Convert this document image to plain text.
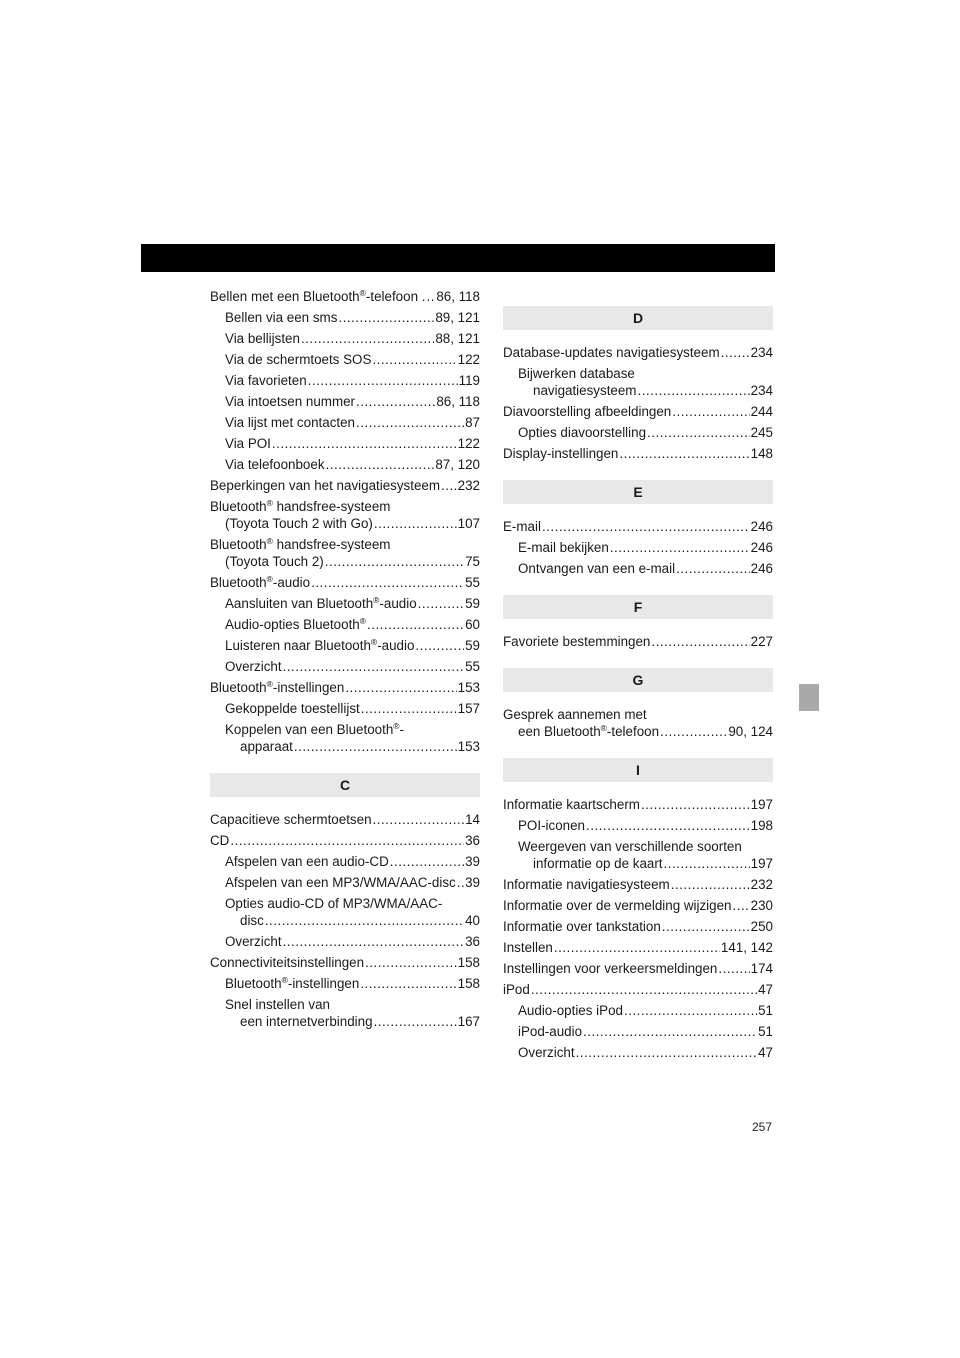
Bellen met een Bluetooth®-telefoon . ..... 86, 118
Bellen via een sms .....	89, 121
Via bellijsten .....	88, 121
Via de schermtoets SOS .....	122
Via favorieten .....	119
Via intoetsen nummer .....	86, 118
Via lijst met contacten .....	87
Via POI .....	122
Via telefoonboek .....	87, 120
Beperkingen van het navigatiesysteem ..... 232
Bluetooth® handsfree-systeem
(Toyota Touch 2 with Go) .....	107
Bluetooth® handsfree-systeem
(Toyota Touch 2) .....	75
Bluetooth®-audio .....	55
Aansluiten van Bluetooth®-audio .....	59
Audio-opties Bluetooth® .....	60
Luisteren naar Bluetooth®-audio .....	59
Overzicht .....	55
Bluetooth®-instellingen .....	153
Gekoppelde toestellijst .....	157
Koppelen van een Bluetooth®-
apparaat .....	153
C
Capacitieve schermtoetsen .....	14
CD .....	36
Afspelen van een audio-CD .....	39
Afspelen van een MP3/WMA/AAC-disc ..... 39
Opties audio-CD of MP3/WMA/AAC-
disc .....	40
Overzicht .....	36
Connectiviteitsinstellingen .....	158
Bluetooth®-instellingen .....	158
Snel instellen van
een internetverbinding .....	167
D
Database-updates navigatiesysteem ..... 234
Bijwerken database
navigatiesysteem .....	234
Diavoorstelling afbeeldingen .....	244
Opties diavoorstelling .....	245
Display-instellingen .....	148
E
E-mail .....	246
E-mail bekijken .....	246
Ontvangen van een e-mail .....	246
F
Favoriete bestemmingen .....	227
G
Gesprek aannemen met
een Bluetooth®-telefoon .....	90, 124
I
Informatie kaartscherm .....	197
POI-iconen .....	198
Weergeven van verschillende soorten
informatie op de kaart .....	197
Informatie navigatiesysteem .....	232
Informatie over de vermelding wijzigen ..... 230
Informatie over tankstation .....	250
Instellen .....	141, 142
Instellingen voor verkeersmeldingen ..... 174
iPod .....	47
Audio-opties iPod .....	51
iPod-audio .....	51
Overzicht .....	47
257
